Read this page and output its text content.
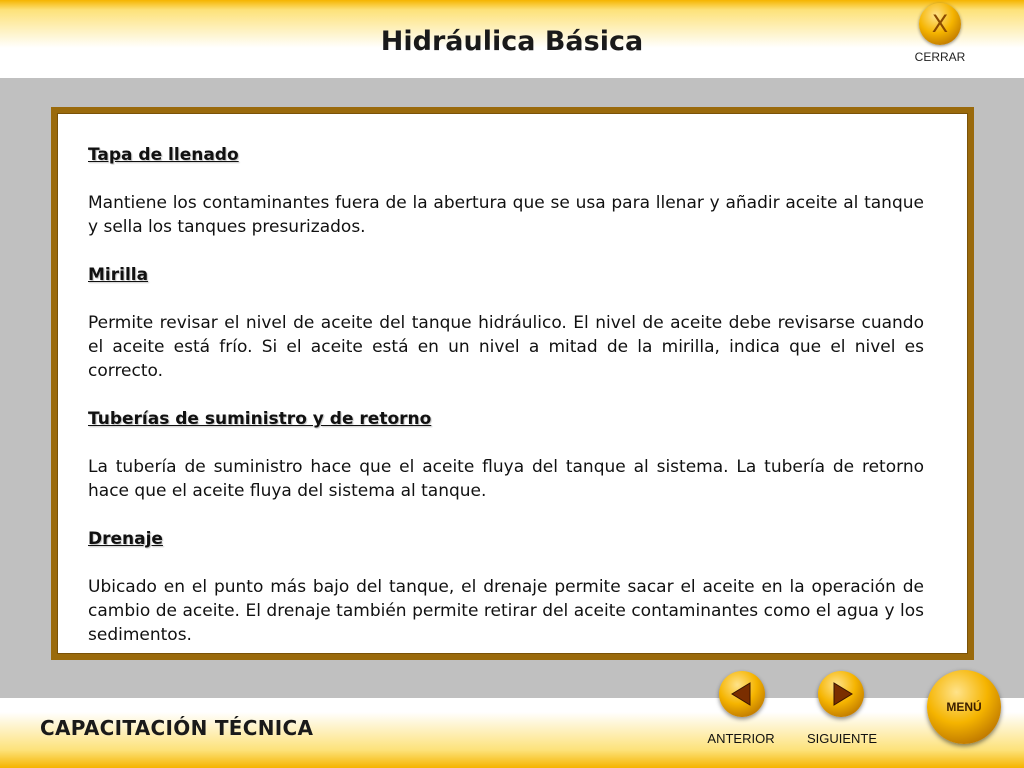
Hidráulica Básica
X
CERRAR
Tapa de llenado
Mantiene los contaminantes fuera de la abertura que se usa para llenar y añadir aceite al tanque y sella los tanques presurizados.
Mirilla
Permite revisar el nivel de aceite del tanque hidráulico. El nivel de aceite debe revisarse cuando el aceite está frío. Si el aceite está en un nivel a mitad de la mirilla, indica que el nivel es correcto.
Tuberías de suministro y de retorno
La tubería de suministro hace que el aceite fluya del tanque al sistema. La tubería de retorno hace que el aceite fluya del sistema al tanque.
Drenaje
Ubicado en el punto más bajo del tanque, el drenaje permite sacar el aceite en la operación de cambio de aceite. El drenaje también permite retirar del aceite contaminantes como el agua y los sedimentos.
CAPACITACIÓN TÉCNICA	ANTERIOR	SIGUIENTE
MENÚ
